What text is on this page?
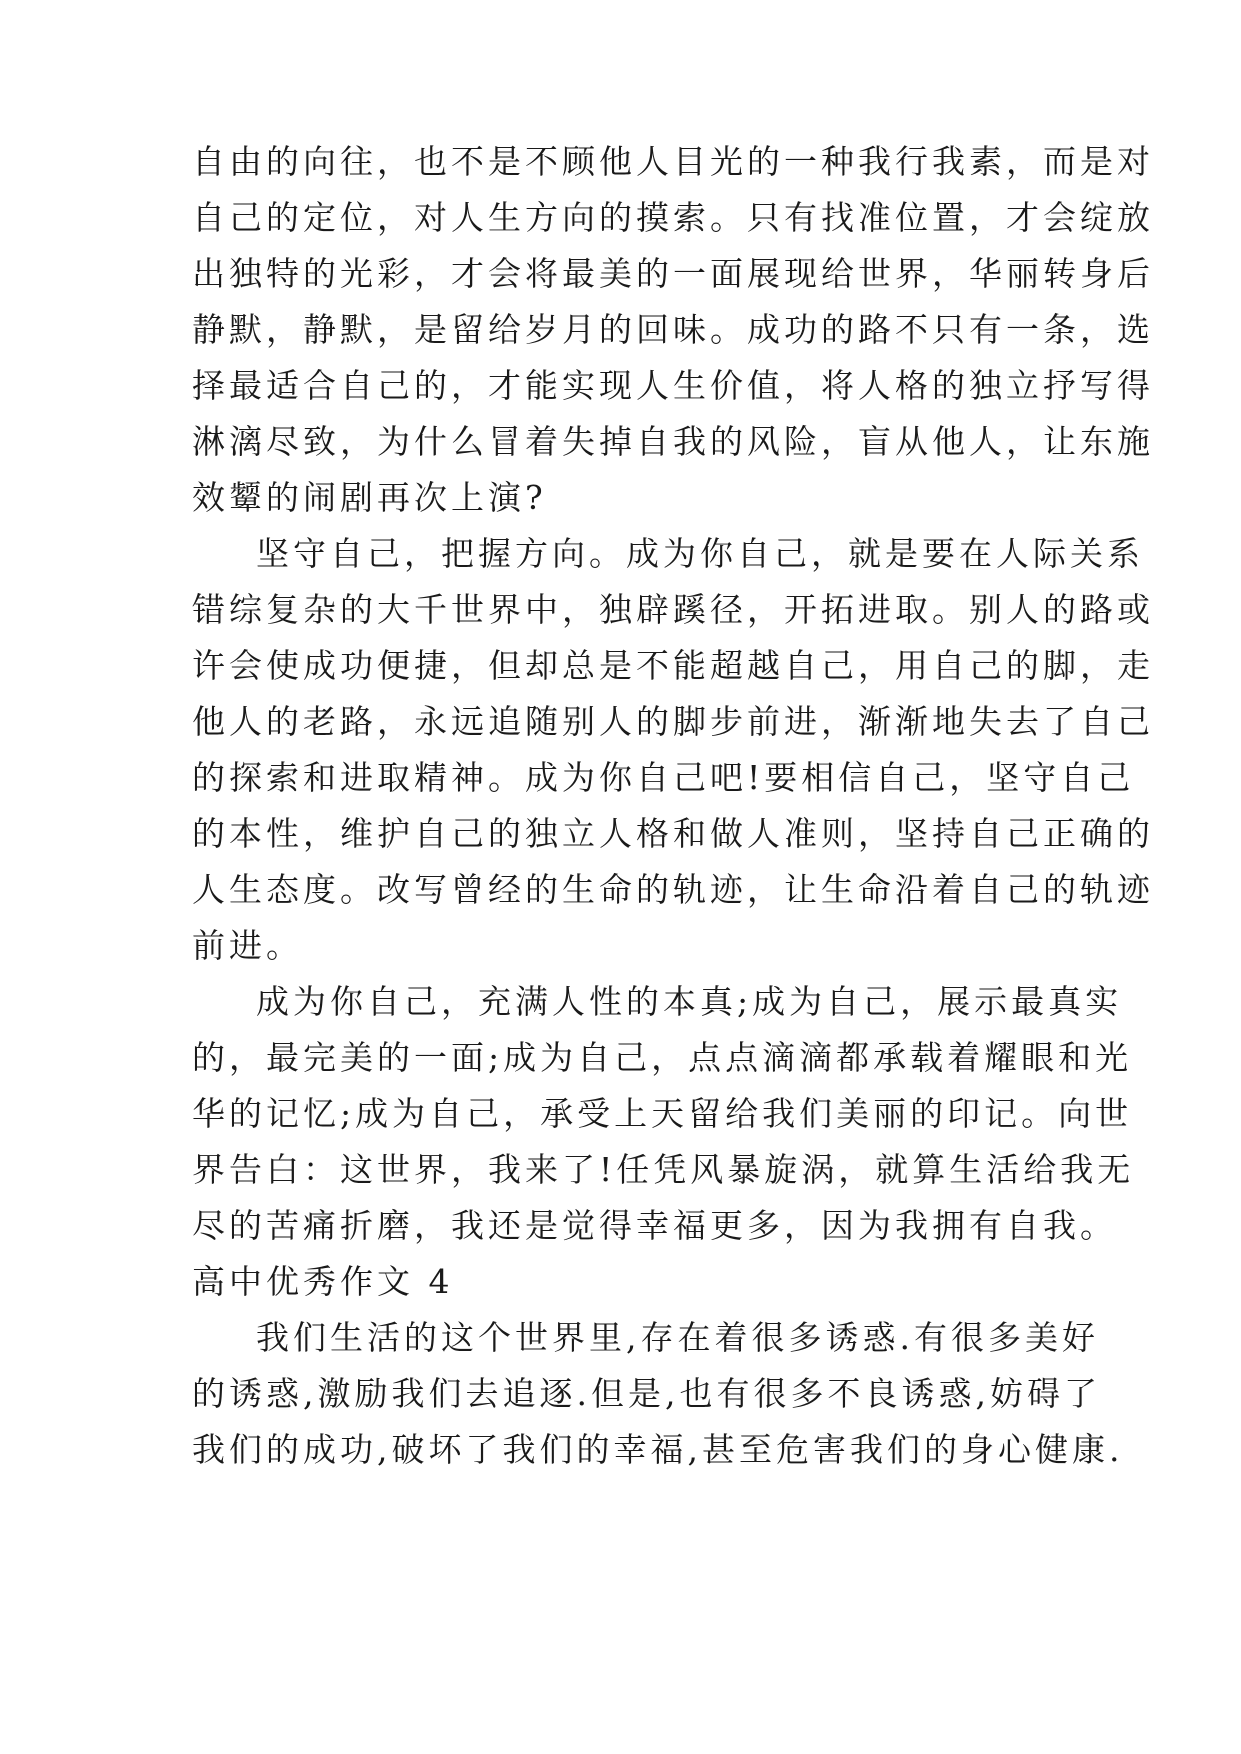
自由的向往，也不是不顾他人目光的一种我行我素，而是对
自己的定位，对人生方向的摸索。只有找准位置，才会绽放
出独特的光彩，才会将最美的一面展现给世界，华丽转身后
静默，静默，是留给岁月的回味。成功的路不只有一条，选
择最适合自己的，才能实现人生价值，将人格的独立抒写得
淋漓尽致，为什么冒着失掉自我的风险，盲从他人，让东施
效颦的闹剧再次上演?
坚守自己，把握方向。成为你自己，就是要在人际关系
错综复杂的大千世界中，独辟蹊径，开拓进取。别人的路或
许会使成功便捷，但却总是不能超越自己，用自己的脚，走
他人的老路，永远追随别人的脚步前进，渐渐地失去了自己
的探索和进取精神。成为你自己吧!要相信自己，坚守自己
的本性，维护自己的独立人格和做人准则，坚持自己正确的
人生态度。改写曾经的生命的轨迹，让生命沿着自己的轨迹
前进。
成为你自己，充满人性的本真;成为自己，展示最真实
的，最完美的一面;成为自己，点点滴滴都承载着耀眼和光
华的记忆;成为自己，承受上天留给我们美丽的印记。向世
界告白：这世界，我来了!任凭风暴旋涡，就算生活给我无
尽的苦痛折磨，我还是觉得幸福更多，因为我拥有自我。
高中优秀作文 4
我们生活的这个世界里,存在着很多诱惑.有很多美好
的诱惑,激励我们去追逐.但是,也有很多不良诱惑,妨碍了
我们的成功,破坏了我们的幸福,甚至危害我们的身心健康.
